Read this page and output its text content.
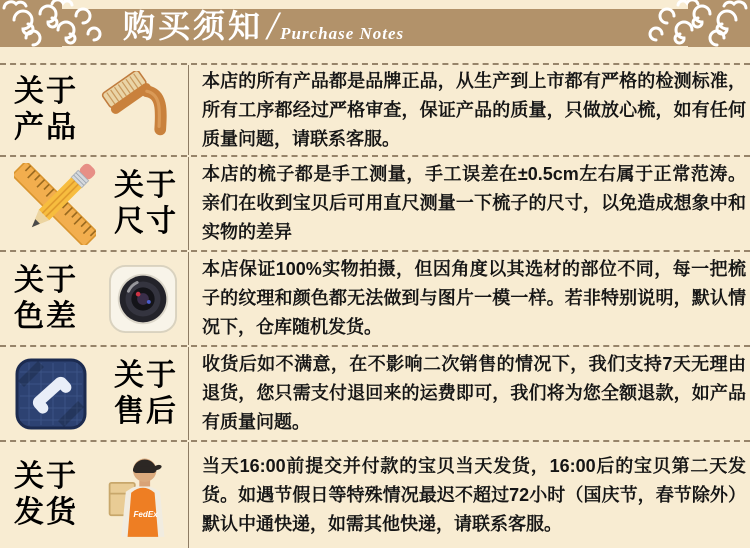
购买须知 / Purchase Notes
关于
产品

本店的所有产品都是品牌正品，从生产到上市都有严格的检测标准，所有工序都经过严格审查，保证产品的质量，只做放心梳，如有任何质量问题，请联系客服。

关于
尺寸

本店的梳子都是手工测量，手工误差在±0.5cm左右属于正常范涛。亲们在收到宝贝后可用直尺测量一下梳子的尺寸，以免造成想象中和实物的差异

关于
色差

本店保证100%实物拍摄，但因角度以其选材的部位不同，每一把梳子的纹理和颜色都无法做到与图片一模一样。若非特别说明，默认情况下，仓库随机发货。

关于
售后

收货后如不满意，在不影响二次销售的情况下，我们支持7天无理由退货，您只需支付退回来的运费即可，我们将为您全额退款，如产品有质量问题。

关于
发货	FedEx

当天16:00前提交并付款的宝贝当天发货，16:00后的宝贝第二天发货。如遇节假日等特殊情况最迟不超过72小时（国庆节，春节除外）默认中通快递，如需其他快递，请联系客服。
